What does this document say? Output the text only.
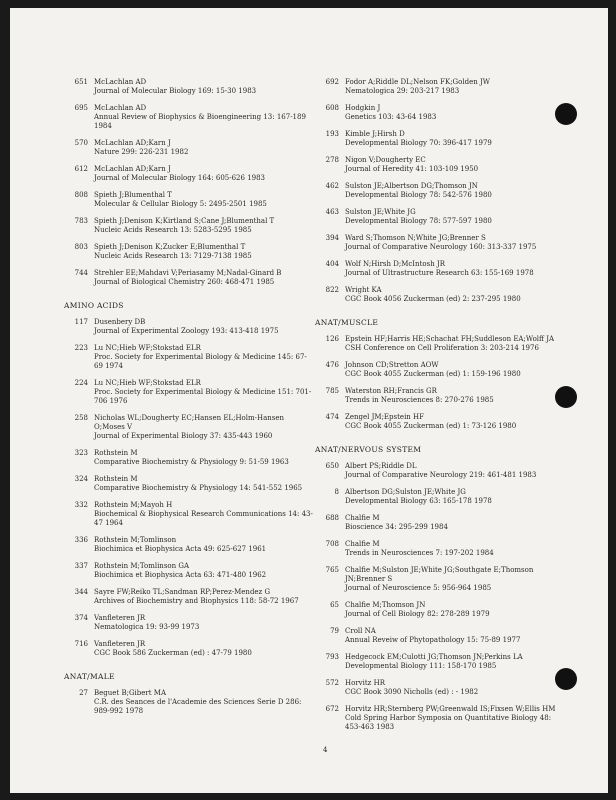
651 McLachlan AD
Journal of Molecular Biology 169: 15-30 1983
695 McLachlan AD
Annual Review of Biophysics & Bioengineering 13: 167-189 1984
570 McLachlan AD;Karn J
Nature 299: 226-231 1982
612 McLachlan AD;Karn J
Journal of Molecular Biology 164: 605-626 1983
808 Spieth J;Blumenthal T
Molecular & Cellular Biology 5: 2495-2501 1985
783 Spieth J;Denison K;Kirtland S;Cane J;Blumenthal T
Nucleic Acids Research 13: 5283-5295 1985
803 Spieth J;Denison K;Zucker E;Blumenthal T
Nucleic Acids Research 13: 7129-7138 1985
744 Strehler EE;Mahdavi V;Periasamy M;Nadal-Ginard B
Journal of Biological Chemistry 260: 468-471 1985
AMINO ACIDS
117 Dusenbery DB
Journal of Experimental Zoology 193: 413-418 1975
223 Lu NC;Hieb WF;Stokstad ELR
Proc. Society for Experimental Biology & Medicine 145: 67-69 1974
224 Lu NC;Hieb WF;Stokstad ELR
Proc. Society for Experimental Biology & Medicine 151: 701-706 1976
258 Nicholas WL;Dougherty EC;Hansen EL;Holm-Hansen O;Moses V
Journal of Experimental Biology 37: 435-443 1960
323 Rothstein M
Comparative Biochemistry & Physiology 9: 51-59 1963
324 Rothstein M
Comparative Biochemistry & Physiology 14: 541-552 1965
332 Rothstein M;Mayoh H
Biochemical & Biophysical Research Communications 14: 43-47 1964
336 Rothstein M;Tomlinson
Biochimica et Biophysica Acta 49: 625-627 1961
337 Rothstein M;Tomlinson GA
Biochimica et Biophysica Acta 63: 471-480 1962
344 Sayre FW;Reiko TL;Sandman RP;Perez-Mendez G
Archives of Biochemistry and Biophysics 118: 58-72 1967
374 Vanfleteren JR
Nematologica 19: 93-99 1973
716 Vanfleteren JR
CGC Book 586 Zuckerman (ed) : 47-79 1980
ANAT/MALE
27 Beguet B;Gibert MA
C.R. des Seances de l'Academie des Sciences Serie D 286: 989-992 1978
692 Fodor A;Riddle DL;Nelson FK;Golden JW
Nematologica 29: 203-217 1983
608 Hodgkin J
Genetics 103: 43-64 1983
193 Kimble J;Hirsh D
Developmental Biology 70: 396-417 1979
278 Nigon V;Dougherty EC
Journal of Heredity 41: 103-109 1950
462 Sulston JE;Albertson DG;Thomson JN
Developmental Biology 78: 542-576 1980
463 Sulston JE;White JG
Developmental Biology 78: 577-597 1980
394 Ward S;Thomson N;White JG;Brenner S
Journal of Comparative Neurology 160: 313-337 1975
404 Wolf N;Hirsh D;McIntosh JR
Journal of Ultrastructure Research 63: 155-169 1978
822 Wright KA
CGC Book 4056 Zuckerman (ed) 2: 237-295 1980
ANAT/MUSCLE
126 Epstein HF;Harris HE;Schachat FH;Suddleson EA;Wolff JA
CSH Conference on Cell Proliferation 3: 203-214 1976
476 Johnson CD;Stretton AOW
CGC Book 4055 Zuckerman (ed) 1: 159-196 1980
785 Waterston RH;Francis GR
Trends in Neurosciences 8: 270-276 1985
474 Zengel JM;Epstein HF
CGC Book 4055 Zuckerman (ed) 1: 73-126 1980
ANAT/NERVOUS SYSTEM
650 Albert PS;Riddle DL
Journal of Comparative Neurology 219: 461-481 1983
8 Albertson DG;Sulston JE;White JG
Developmental Biology 63: 165-178 1978
688 Chalfie M
Bioscience 34: 295-299 1984
708 Chalfie M
Trends in Neurosciences 7: 197-202 1984
765 Chalfie M;Sulston JE;White JG;Southgate E;Thomson JN;Brenner S
Journal of Neuroscience 5: 956-964 1985
65 Chalfie M;Thomson JN
Journal of Cell Biology 82: 278-289 1979
79 Croll NA
Annual Reveiw of Phytopathology 15: 75-89 1977
793 Hedgecock EM;Culotti JG;Thomson JN;Perkins LA
Developmental Biology 111: 158-170 1985
572 Horvitz HR
CGC Book 3090 Nicholls (ed) : - 1982
672 Horvitz HR;Sternberg PW;Greenwald IS;Fixsen W;Ellis HM
Cold Spring Harbor Symposia on Quantitative Biology 48: 453-463 1983
4
